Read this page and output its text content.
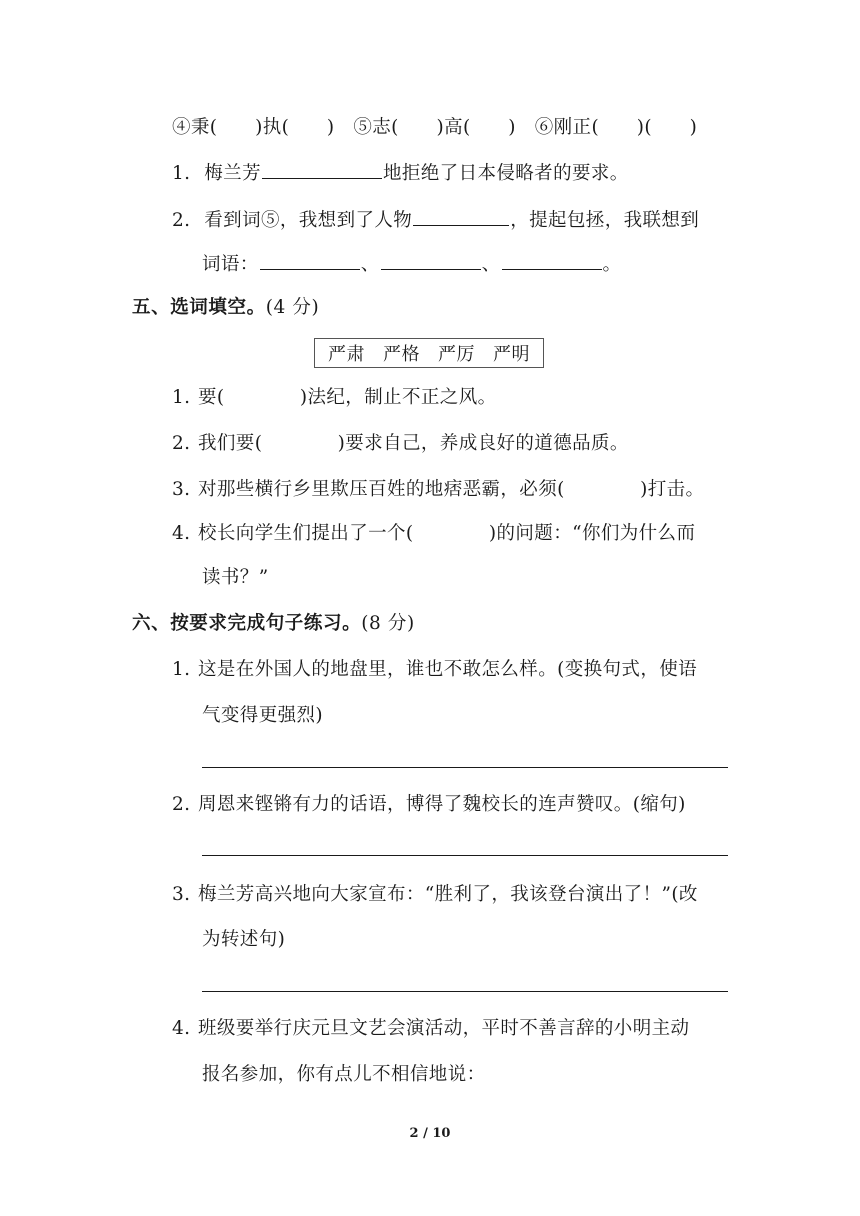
④秉(      )执(      )   ⑤志(      )高(      )   ⑥刚正(      )(      )
1. 梅兰芳	地拒绝了日本侵略者的要求。
2. 看到词⑤，我想到了人物	，提起包拯，我联想到
词语：	、	、	。
五、选词填空。(4 分)
严肃 严格 严厉 严明
1. 要(            )法纪，制止不正之风。
2. 我们要(            )要求自己，养成良好的道德品质。
3. 对那些横行乡里欺压百姓的地痞恶霸，必须(            )打击。
4. 校长向学生们提出了一个(            )的问题：“你们为什么而
读书？”
六、按要求完成句子练习。(8 分)
1. 这是在外国人的地盘里，谁也不敢怎么样。(变换句式，使语
气变得更强烈)
2. 周恩来铿锵有力的话语，博得了魏校长的连声赞叹。(缩句)
3. 梅兰芳高兴地向大家宣布：“胜利了，我该登台演出了！”(改
为转述句)
4. 班级要举行庆元旦文艺会演活动，平时不善言辞的小明主动
报名参加，你有点儿不相信地说：
2 / 10
